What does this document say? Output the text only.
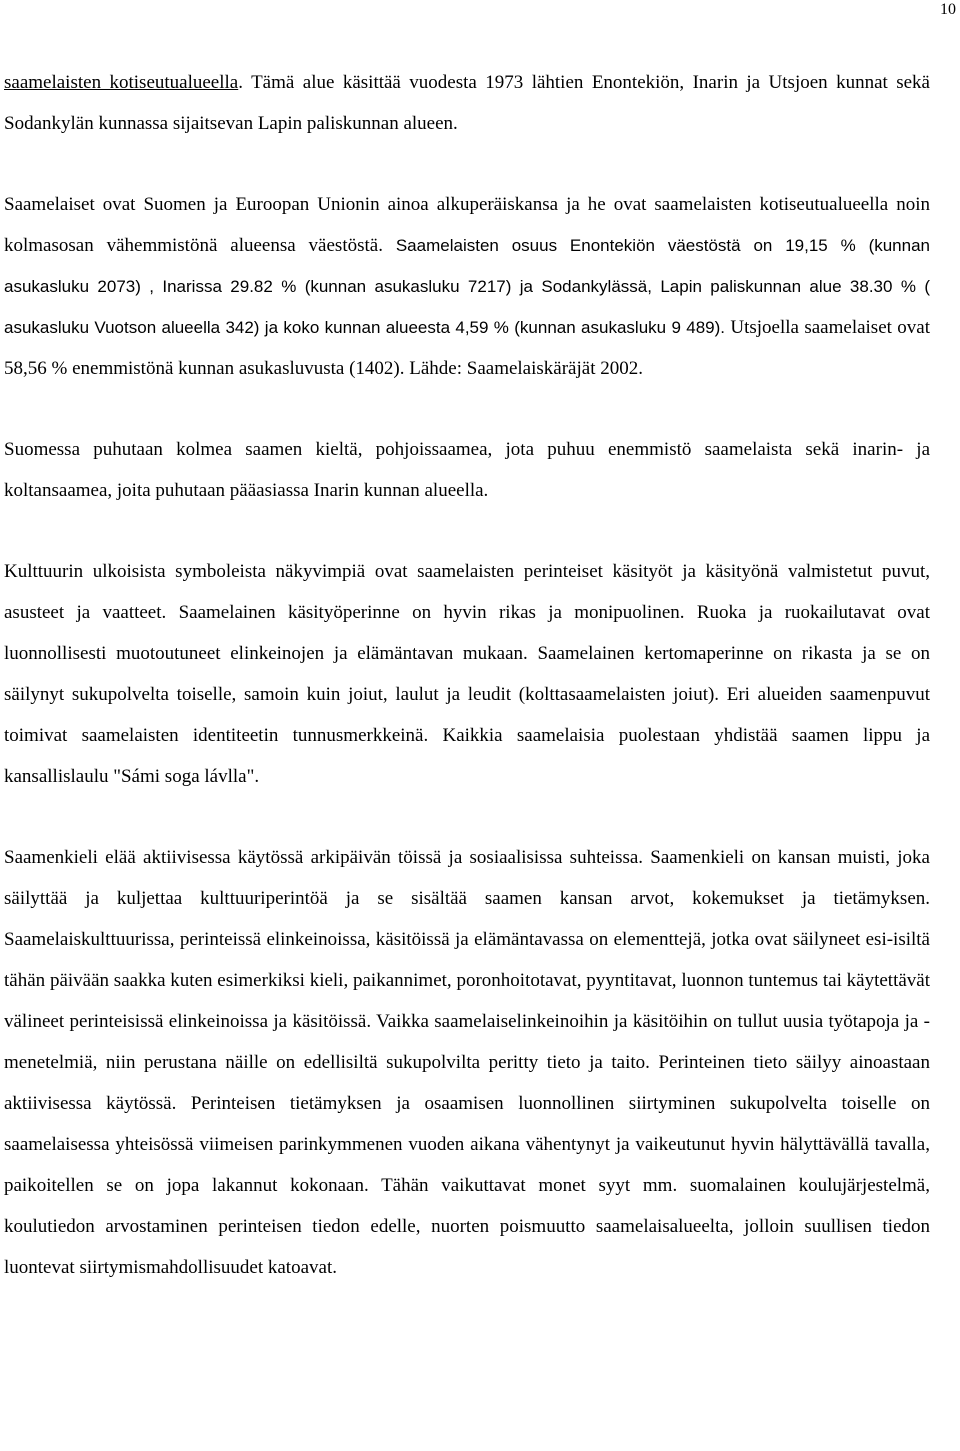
10

saamelaisten kotiseutualueella. Tämä alue käsittää vuodesta 1973 lähtien Enontekiön, Inarin ja Utsjoen kunnat sekä Sodankylän kunnassa sijaitsevan Lapin paliskunnan alueen.

Saamelaiset ovat Suomen ja Euroopan Unionin ainoa alkuperäiskansa ja he ovat saamelaisten kotiseutualueella noin kolmasosan vähemmistönä alueensa väestöstä. Saamelaisten osuus Enontekiön väestöstä on 19,15 % (kunnan asukasluku 2073) , Inarissa 29.82 % (kunnan asukasluku 7217) ja Sodankylässä, Lapin paliskunnan alue 38.30 % ( asukasluku Vuotson alueella 342) ja koko kunnan alueesta 4,59 % (kunnan asukasluku 9 489). Utsjoella saamelaiset ovat 58,56 % enemmistönä kunnan asukasluvusta (1402). Lähde: Saamelaiskäräjät 2002.

Suomessa puhutaan kolmea saamen kieltä, pohjoissaamea, jota puhuu enemmistö saamelaista sekä inarin- ja koltansaamea, joita puhutaan pääasiassa Inarin kunnan alueella.

Kulttuurin ulkoisista symboleista näkyvimpiä ovat saamelaisten perinteiset käsityöt ja käsityönä valmistetut puvut, asusteet ja vaatteet. Saamelainen käsityöperinne on hyvin rikas ja monipuolinen. Ruoka ja ruokailutavat ovat luonnollisesti muotoutuneet elinkeinojen ja elämäntavan mukaan. Saamelainen kertomaperinne on rikasta ja se on säilynyt sukupolvelta toiselle, samoin kuin joiut, laulut ja leudit (kolttasaamelaisten joiut). Eri alueiden saamenpuvut toimivat saamelaisten identiteetin tunnusmerkkeinä. Kaikkia saamelaisia puolestaan yhdistää saamen lippu ja kansallislaulu "Sámi soga lávlla".

Saamenkieli elää aktiivisessa käytössä arkipäivän töissä ja sosiaalisissa suhteissa. Saamenkieli on kansan muisti, joka säilyttää ja kuljettaa kulttuuriperintöä ja se sisältää saamen kansan arvot, kokemukset ja tietämyksen. Saamelaiskulttuurissa, perinteissä elinkeinoissa, käsitöissä ja elämäntavassa on elementtejä, jotka ovat säilyneet esi-isiltä tähän päivään saakka kuten esimerkiksi kieli, paikannimet, poronhoitotavat, pyyntitavat, luonnon tuntemus tai käytettävät välineet perinteisissä elinkeinoissa ja käsitöissä. Vaikka saamelaiselinkeinoihin ja käsitöihin on tullut uusia työtapoja ja -menetelmiä, niin perustana näille on edellisiltä sukupolvilta peritty tieto ja taito. Perinteinen tieto säilyy ainoastaan aktiivisessa käytössä. Perinteisen tietämyksen ja osaamisen luonnollinen siirtyminen sukupolvelta toiselle on saamelaisessa yhteisössä viimeisen parinkymmenen vuoden aikana vähentynyt ja vaikeutunut hyvin hälyttävällä tavalla, paikoitellen se on jopa lakannut kokonaan. Tähän vaikuttavat monet syyt mm. suomalainen koulujärjestelmä, koulutiedon arvostaminen perinteisen tiedon edelle, nuorten poismuutto saamelaisalueelta, jolloin suullisen tiedon luontevat siirtymismahdollisuudet katoavat.
